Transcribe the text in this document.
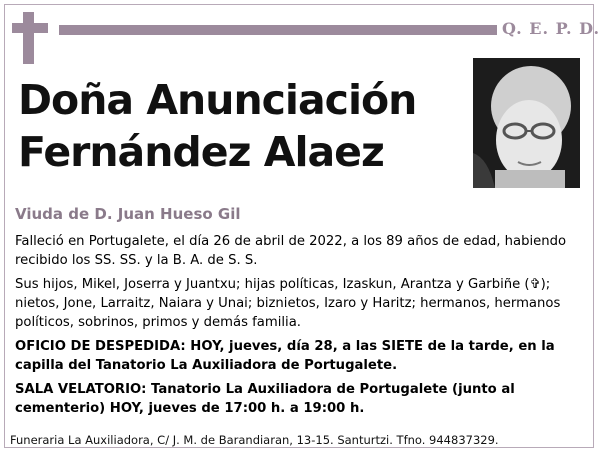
Q. E. P. D.
Doña Anunciación
Fernández Alaez
Viuda de D. Juan Hueso Gil

Falleció en Portugalete, el día 26 de abril de 2022, a los 89 años de edad, habiendo recibido los SS. SS. y la B. A. de S. S.

Sus hijos, Mikel, Joserra y Juantxu; hijas políticas, Izaskun, Arantza y Garbiñe (✞); nietos, Jone, Larraitz, Naiara y Unai; biznietos, Izaro y Haritz; hermanos, hermanos políticos, sobrinos, primos y demás familia.

OFICIO DE DESPEDIDA: HOY, jueves, día 28, a las SIETE de la tarde, en la capilla del Tanatorio La Auxiliadora de Portugalete.

SALA VELATORIO: Tanatorio La Auxiliadora de Portugalete (junto al cementerio) HOY, jueves de 17:00 h. a 19:00 h.

Funeraria La Auxiliadora, C/ J. M. de Barandiaran, 13-15. Santurtzi. Tfno. 944837329.
